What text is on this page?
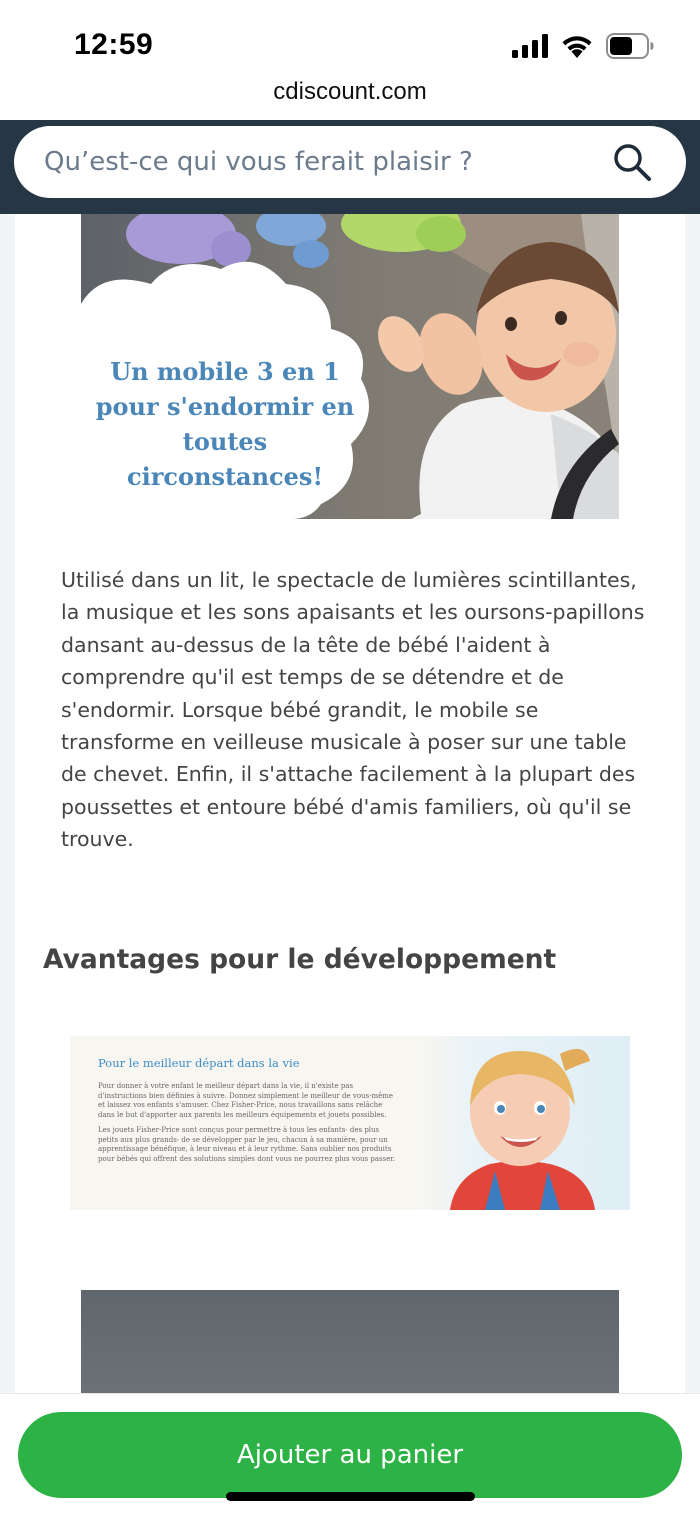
12:59
cdiscount.com
Qu’est-ce qui vous ferait plaisir ?
Un mobile 3 en 1 pour s'endormir en toutes circonstances!

Utilisé dans un lit, le spectacle de lumières scintillantes, la musique et les sons apaisants et les oursons-papillons dansant au-dessus de la tête de bébé l'aident à comprendre qu'il est temps de se détendre et de s'endormir. Lorsque bébé grandit, le mobile se transforme en veilleuse musicale à poser sur une table de chevet. Enfin, il s'attache facilement à la plupart des poussettes et entoure bébé d'amis familiers, où qu'il se trouve.

Avantages pour le développement
Pour le meilleur départ dans la vie

Pour donner à votre enfant le meilleur départ dans la vie, il n'existe pas d'instructions bien définies à suivre. Donnez simplement le meilleur de vous-même et laissez vos enfants s'amuser. Chez Fisher-Price, nous travaillons sans relâche dans le but d'apporter aux parents les meilleurs équipements et jouets possibles.

Les jouets Fisher-Price sont conçus pour permettre à tous les enfants- des plus petits aux plus grands- de se développer par le jeu, chacun à sa manière, pour un apprentissage bénéfique, à leur niveau et à leur rythme. Sans oublier nos produits pour bébés qui offrent des solutions simples dont vous ne pourrez plus vous passer.

Ajouter au panier
